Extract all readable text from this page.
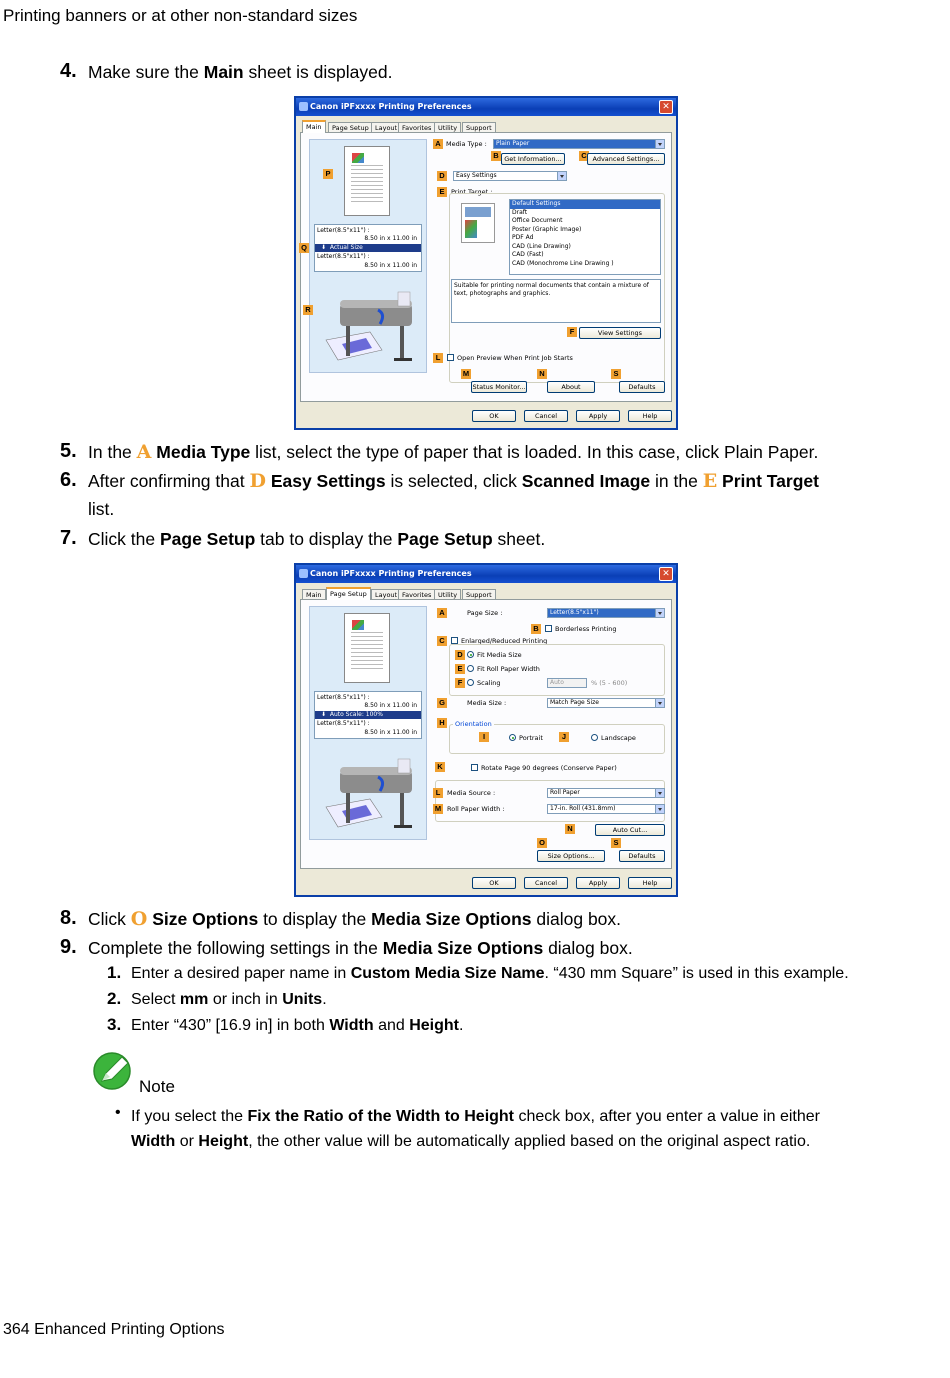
Printing banners or at other non-standard sizes
364 Enhanced Printing Options
4. Make sure the Main sheet is displayed.
Canon iPFxxxx Printing Preferences	✕
Main	Page Setup Layout Favorites	Utility	Support
Letter(8.5"x11") :
8.50 in x 11.00 in
⬇  Actual Size
Letter(8.5"x11") :
8.50 in x 11.00 in
P
Q
R
A Media Type :	Plain Paper
B Get Information...	C Advanced Settings...
D	Easy Settings
E	Print Target :
Default Settings
Draft
Office Document
Poster (Graphic Image)
PDF Ad
CAD (Line Drawing)
CAD (Fast)
CAD (Monochrome Line Drawing )
Suitable for printing normal documents that contain a mixture of text, photographs and graphics.
F	View Settings
L	Open Preview When Print Job Starts
M	N	S
Status Monitor...	About	Defaults
OK	Cancel	Apply	Help
5. In the A Media Type list, select the type of paper that is loaded. In this case, click Plain Paper.
6. After confirming that D Easy Settings is selected, click Scanned Image in the E Print Target
list.
7. Click the Page Setup tab to display the Page Setup sheet.
Canon iPFxxxx Printing Preferences	✕
Main	Page Setup	Layout Favorites	Utility	Support
Letter(8.5"x11") :
8.50 in x 11.00 in
⬇  Auto Scale: 100%
Letter(8.5"x11") :
8.50 in x 11.00 in
A	Page Size :	Letter(8.5"x11")
B	Borderless Printing
C	Enlarged/Reduced Printing
D	Fit Media Size
E	Fit Roll Paper Width
F	Scaling	Auto	% (5 - 600)
G	Media Size :	Match Page Size
H	Orientation
I	Portrait	J	Landscape
K	Rotate Page 90 degrees (Conserve Paper)
L	Media Source :	Roll Paper
M Roll Paper Width :	17-in. Roll (431.8mm)
N	Auto Cut...
O	S
Size Options...	Defaults
OK	Cancel	Apply	Help
8. Click O Size Options to display the Media Size Options dialog box.
9. Complete the following settings in the Media Size Options dialog box.
1. Enter a desired paper name in Custom Media Size Name. “430 mm Square” is used in this example.
2. Select mm or inch in Units.
3. Enter “430” [16.9 in] in both Width and Height.
Note
• If you select the Fix the Ratio of the Width to Height check box, after you enter a value in either
Width or Height, the other value will be automatically applied based on the original aspect ratio.
